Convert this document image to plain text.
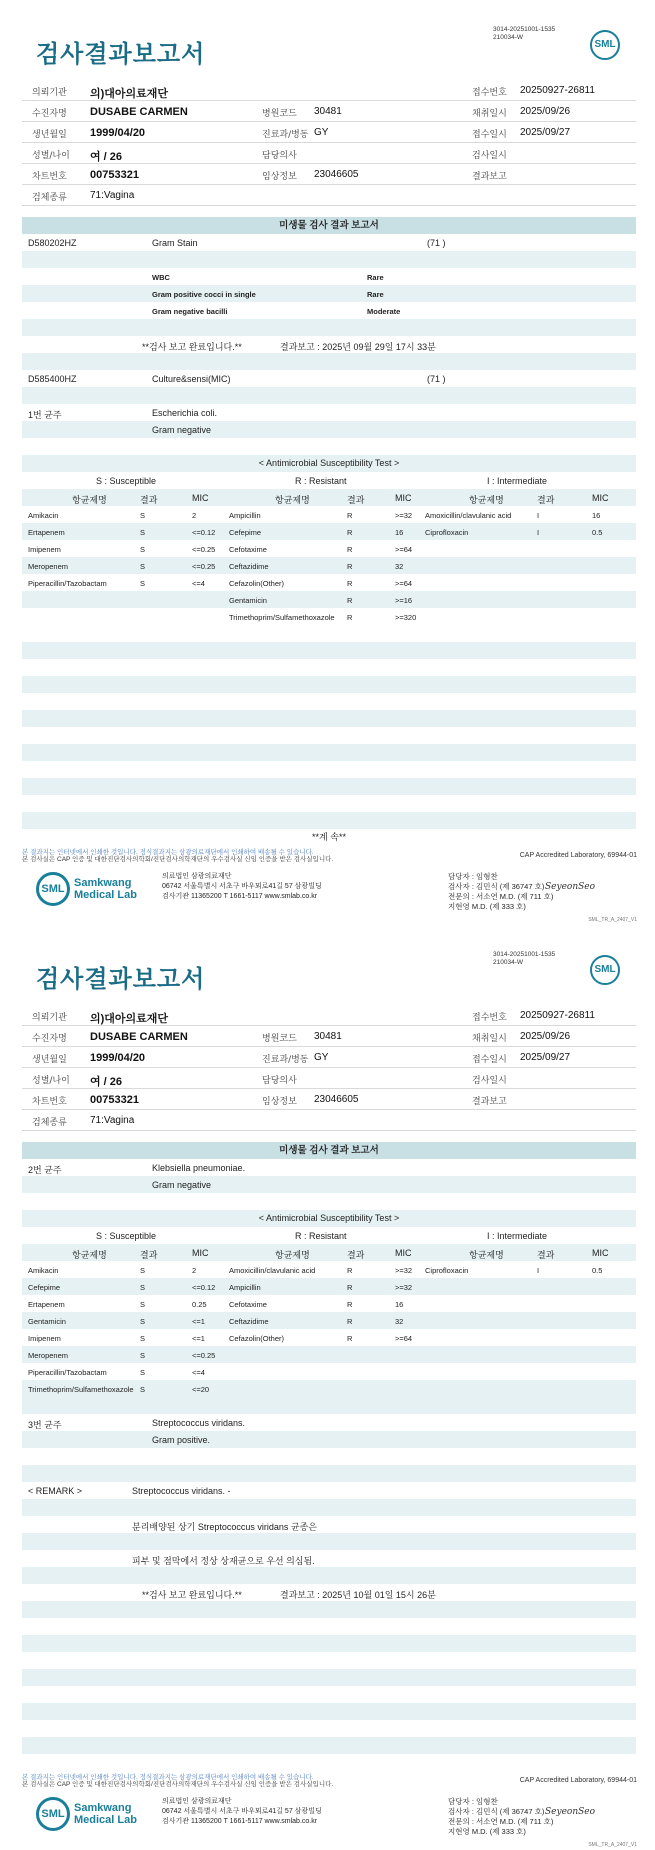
검사결과보고서
3014-20251001-1535
210034-W
SML
의뢰기관 의)대아의료재단	접수번호 20250927-26811
수진자명 DUSABE CARMEN	병원코드 30481	채취일시 2025/09/26
생년월일 1999/04/20	진료과/병동 GY	접수일시 2025/09/27
성별/나이 여 / 26	담당의사	검사일시
차트번호 00753321	임상정보 23046605	결과보고
검체종류 71:Vagina
미생물 검사 결과 보고서
D580202HZ	Gram Stain	(71 )
WBC	Rare
Gram positive cocci in single	Rare
Gram negative bacilli	Moderate
**검사 보고 완료입니다.**	결과보고 : 2025년 09월 29일 17시 33분
D585400HZ	Culture&sensi(MIC)	(71 )
1번 균주	Escherichia coli.
Gram negative
< Antimicrobial Susceptibility Test >
S : Susceptible	R : Resistant	I : Intermediate
항균제명	결과	MIC	항균제명	결과	MIC	항균제명	결과	MIC
Amikacin	S	2	Ampicillin	R	>=32 Amoxicillin/clavulanic acid	I	16
Ertapenem	S	<=0.12 Cefepime	R	16	Ciprofloxacin	I	0.5
Imipenem	S	<=0.25 Cefotaxime	R	>=64
Meropenem	S	<=0.25 Ceftazidime	R	32
Piperacillin/Tazobactam	S	<=4	Cefazolin(Other)	R	>=64
Gentamicin	R	>=16
Trimethoprim/Sulfamethoxazole R	>=320
**계 속**
본 결과지는 인터넷에서 인쇄한 것입니다. 정식결과지는 삼광의료재단에서 인쇄하여 배송될 수 있습니다.
본 검사실은 CAP 인증 및 대한진단검사의학회/진단검사의학재단의 우수검사실 신임 인증을 받은 검사실입니다.
CAP Accredited Laboratory, 69944-01
SML Samkwang
Medical Lab
의료법인 삼광의료재단
06742 서울특별시 서초구 바우뫼로41길 57 삼광빌딩
검사기관 11365200 T 1661-5117 www.smlab.co.kr
담당자 : 임형찬
검사자 : 김민식 (제 36747 호)
전문의 : 서소연 M.D. (제 711 호)
지현영 M.D. (제 333 호)
SeyeonSeo
SML_TR_A_2407_V1
검사결과보고서
3014-20251001-1535
210034-W
SML
의뢰기관 의)대아의료재단	접수번호 20250927-26811
수진자명 DUSABE CARMEN	병원코드 30481	채취일시 2025/09/26
생년월일 1999/04/20	진료과/병동 GY	접수일시 2025/09/27
성별/나이 여 / 26	담당의사	검사일시
차트번호 00753321	임상정보 23046605	결과보고
검체종류 71:Vagina
미생물 검사 결과 보고서
2번 균주	Klebsiella pneumoniae.
Gram negative
< Antimicrobial Susceptibility Test >
S : Susceptible	R : Resistant	I : Intermediate
항균제명	결과	MIC	항균제명	결과	MIC	항균제명	결과	MIC
Amikacin	S	2	Amoxicillin/clavulanic acid	R	>=32 Ciprofloxacin	I	0.5
Cefepime	S	<=0.12 Ampicillin	R	>=32
Ertapenem	S	0.25	Cefotaxime	R	16
Gentamicin	S	<=1	Ceftazidime	R	32
Imipenem	S	<=1	Cefazolin(Other)	R	>=64
Meropenem	S	<=0.25
Piperacillin/Tazobactam	S	<=4
Trimethoprim/Sulfamethoxazole S	<=20
3번 균주	Streptococcus viridans.
Gram positive.
< REMARK >	Streptococcus viridans. -
분리배양된 상기 Streptococcus viridans 균종은
피부 및 점막에서 정상 상재균으로 우선 의심됨.
**검사 보고 완료입니다.**	결과보고 : 2025년 10월 01일 15시 26분
본 결과지는 인터넷에서 인쇄한 것입니다. 정식결과지는 삼광의료재단에서 인쇄하여 배송될 수 있습니다.
본 검사실은 CAP 인증 및 대한진단검사의학회/진단검사의학재단의 우수검사실 신임 인증을 받은 검사실입니다.
CAP Accredited Laboratory, 69944-01
SML Samkwang
Medical Lab
의료법인 삼광의료재단
06742 서울특별시 서초구 바우뫼로41길 57 삼광빌딩
검사기관 11365200 T 1661-5117 www.smlab.co.kr
담당자 : 임형찬
검사자 : 김민식 (제 36747 호)
전문의 : 서소연 M.D. (제 711 호)
지현영 M.D. (제 333 호)
SeyeonSeo
SML_TR_A_2407_V1
